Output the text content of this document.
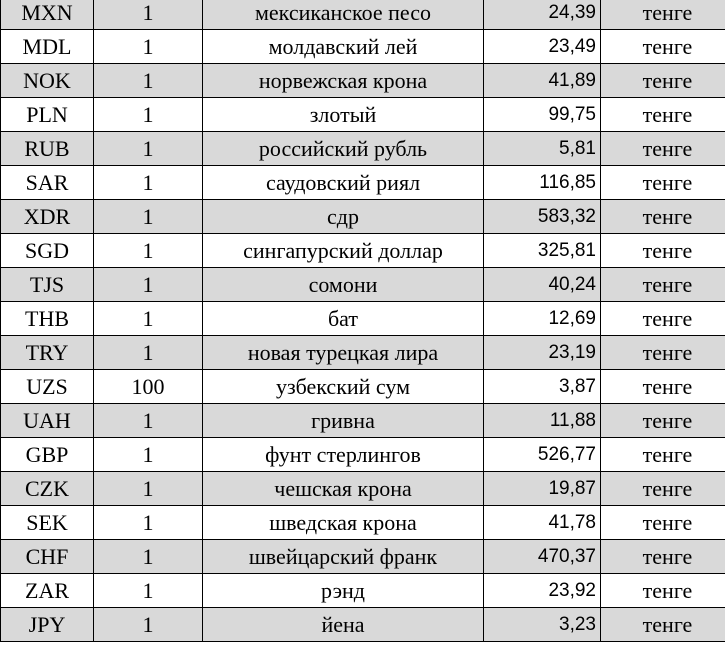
MXN	1	мексиканское песо	24,39	тенге
MDL	1	молдавский лей	23,49	тенге
NOK	1	норвежская крона	41,89	тенге
PLN	1	злотый	99,75	тенге
RUB	1	российский рубль	5,81	тенге
SAR	1	саудовский риял	116,85	тенге
XDR	1	сдр	583,32	тенге
SGD	1	сингапурский доллар	325,81	тенге
TJS	1	сомони	40,24	тенге
THB	1	бат	12,69	тенге
TRY	1	новая турецкая лира	23,19	тенге
UZS	100	узбекский сум	3,87	тенге
UAH	1	гривна	11,88	тенге
GBP	1	фунт стерлингов	526,77	тенге
CZK	1	чешская крона	19,87	тенге
SEK	1	шведская крона	41,78	тенге
CHF	1	швейцарский франк	470,37	тенге
ZAR	1	рэнд	23,92	тенге
JPY	1	йена	3,23	тенге
